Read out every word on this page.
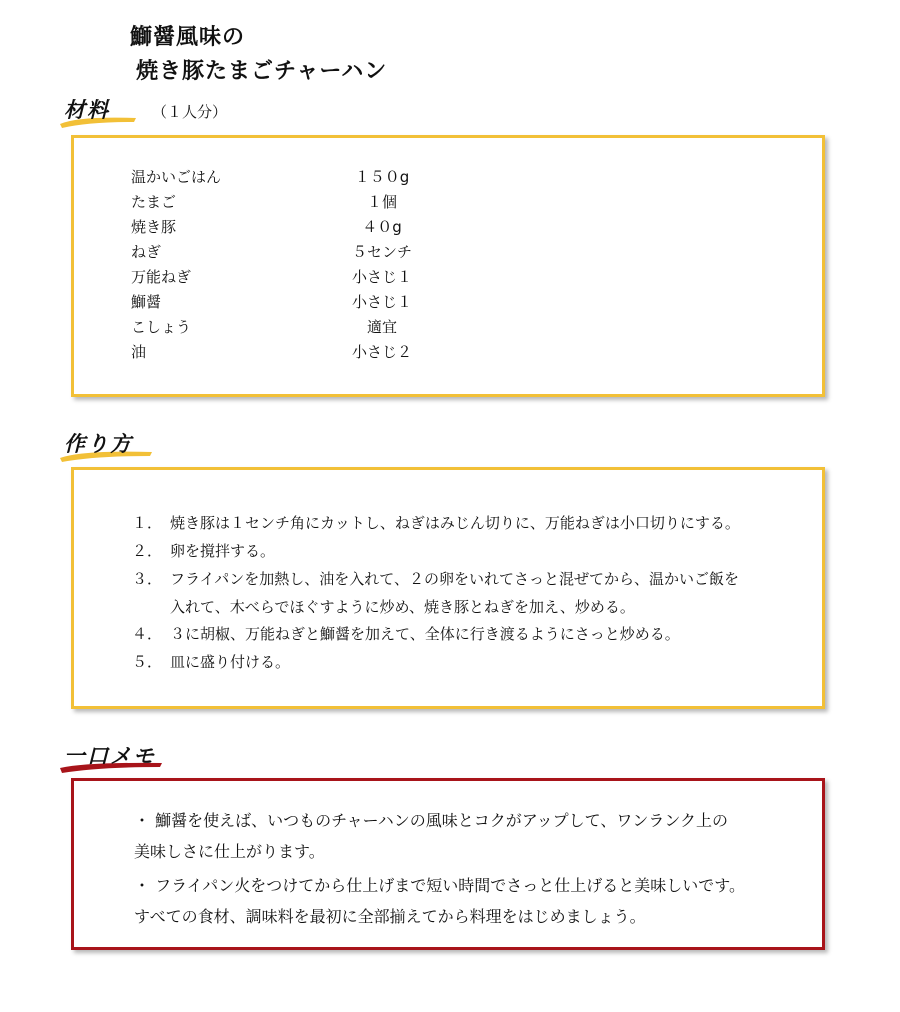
鰤醤風味の
焼き豚たまごチャーハン
材料	（１人分）
温かいごはん	１５０g
たまご	１個
焼き豚	４０g
ねぎ	５センチ
万能ねぎ	小さじ１
鰤醤	小さじ１
こしょう	適宜
油	小さじ２
作り方
１． 焼き豚は１センチ角にカットし、ねぎはみじん切りに、万能ねぎは小口切りにする。
２． 卵を撹拌する。
３． フライパンを加熱し、油を入れて、２の卵をいれてさっと混ぜてから、温かいご飯を
入れて、木べらでほぐすように炒め、焼き豚とねぎを加え、炒める。
４． ３に胡椒、万能ねぎと鰤醤を加えて、全体に行き渡るようにさっと炒める。
５． 皿に盛り付ける。
一口メモ
・ 鰤醤を使えば、いつものチャーハンの風味とコクがアップして、ワンランク上の
美味しさに仕上がります。
・ フライパン火をつけてから仕上げまで短い時間でさっと仕上げると美味しいです。
すべての食材、調味料を最初に全部揃えてから料理をはじめましょう。
